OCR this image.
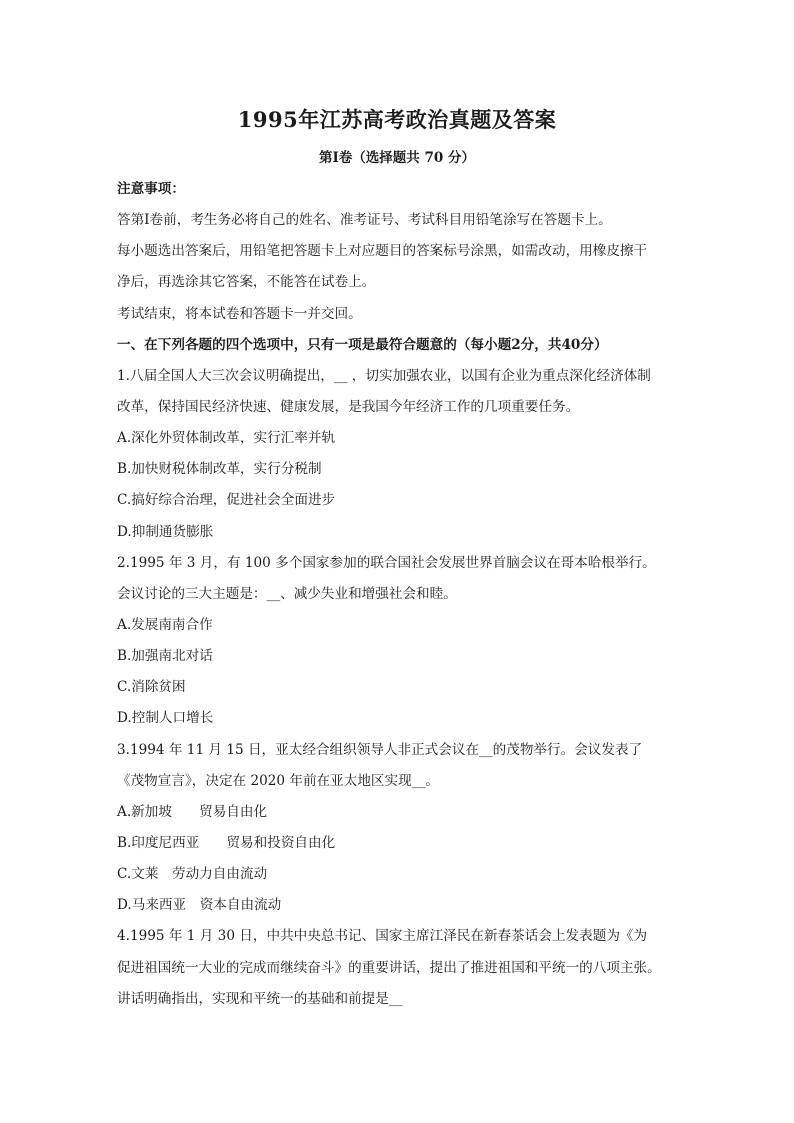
1995年江苏高考政治真题及答案
第Ⅰ卷（选择题共 70 分）
注意事项：
答第Ⅰ卷前，考生务必将自己的姓名、准考证号、考试科目用铅笔涂写在答题卡上。
每小题选出答案后，用铅笔把答题卡上对应题目的答案标号涂黑，如需改动，用橡皮擦干
净后，再选涂其它答案，不能答在试卷上。
考试结束，将本试卷和答题卡一并交回。
一、在下列各题的四个选项中，只有一项是最符合题意的（每小题2分，共40分）
1.八届全国人大三次会议明确提出，__ ，切实加强农业，以国有企业为重点深化经济体制
改革，保持国民经济快速、健康发展，是我国今年经济工作的几项重要任务。
A.深化外贸体制改革，实行汇率并轨
B.加快财税体制改革，实行分税制
C.搞好综合治理，促进社会全面进步
D.抑制通货膨胀
2.1995 年 3 月，有 100 多个国家参加的联合国社会发展世界首脑会议在哥本哈根举行。
会议讨论的三大主题是：__、减少失业和增强社会和睦。
A.发展南南合作
B.加强南北对话
C.消除贫困
D.控制人口增长
3.1994 年 11 月 15 日，亚太经合组织领导人非正式会议在__的茂物举行。会议发表了
《茂物宣言》，决定在 2020 年前在亚太地区实现__。
A.新加坡　　贸易自由化
B.印度尼西亚　　贸易和投资自由化
C.文莱　劳动力自由流动
D.马来西亚　资本自由流动
4.1995 年 1 月 30 日，中共中央总书记、国家主席江泽民在新春茶话会上发表题为《为
促进祖国统一大业的完成而继续奋斗》的重要讲话，提出了推进祖国和平统一的八项主张。
讲话明确指出，实现和平统一的基础和前提是__
